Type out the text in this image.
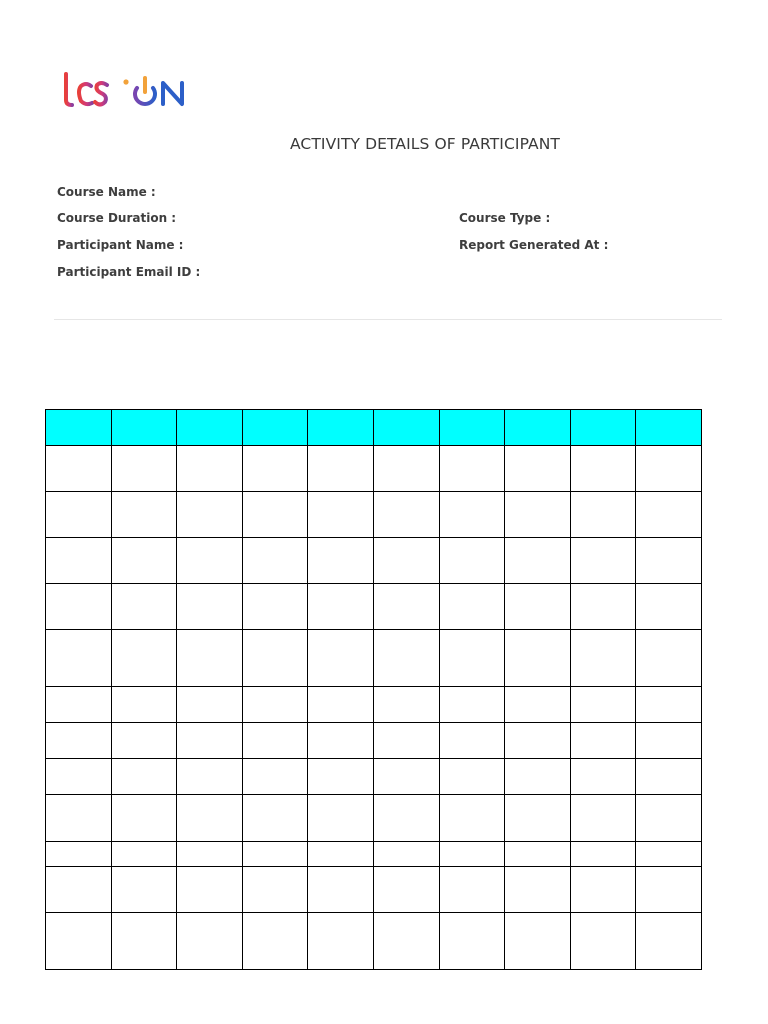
ACTIVITY DETAILS OF PARTICIPANT
Course Name :
Course Duration :	Course Type :
Participant Name :	Report Generated At :
Participant Email ID :
